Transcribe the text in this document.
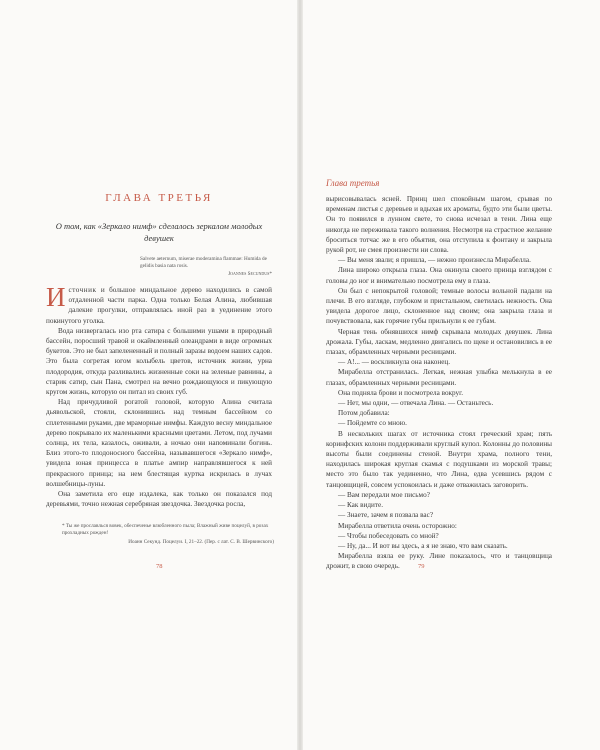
ГЛАВА ТРЕТЬЯ
О том, как «Зеркало нимф» сделалось зеркалом молодых девушек
Salvete aeternum, miserae moderamina flammae: Humida de gelidis basia nata rosis.
Joannes Secundus*

Источник и большое миндальное дерево находились в самой отдаленной части парка. Одна только Белая Алина, любившая далекие прогулки, отправлялась иной раз в уединение этого покинутого уголка.

Вода низвергалась изо рта сатира с большими ушами в природный бассейн, поросший травой и окаймленный олеандрами в виде огромных букетов. Это не был запелененный и полный заразы водоем наших садов. Это была согретая югом колыбель цветов, источник жизни, урна плодородия, откуда разливались жизненные соки на зеленые равнины, а старик сатир, сын Пана, смотрел на вечно рождающуюся и пикующую кругом жизнь, которую он питал из своих губ.

Над причудливой рогатой головой, которую Алина считала дьявольской, стояли, склонившись над темным бассейном со сплетенными руками, две мраморные нимфы. Каждую весну миндальное дерево покрывало их маленькими красными цветами. Летом, под лучами солнца, их тела, казалось, оживали, а ночью они напоминали богинь. Близ этого-то плодоносного бассейна, называвшегося «Зеркало нимф», увидела юная принцесса в платье ампир направлявшегося к ней прекрасного принца; на нем блестящая куртка искрилась в лучах волшебницы-луны.

Она заметила его еще издалека, как только он показался под деревьями, точно нежная серебряная звездочка. Звездочка росла,

* Ты же прославлься вовек, обеспеченье влюбленного пыла; Влажный живе поцелуй, в розах прохладных рожден!
Иоанн Секунд. Поцелуи. I, 21–22. (Пер. с лат. С. В. Шервинского)
78
Глава третья

вырисовывалась ясней. Принц шел спокойным шагом, срывая по временам листья с деревьев и вдыхая их ароматы, будто эти были цветы. Он то появился в лунном свете, то снова исчезал в тени. Лина еще никогда не переживала такого волнения. Несмотря на страстное желание броситься тотчас же в его объятия, она отступила к фонтану и закрыла рукой рот, не смея произнести ни слова.

— Вы меня звали; я пришла, — нежно произнесла Мирабелла.

Лина широко открыла глаза. Она окинула своего принца взглядом с головы до ног и внимательно посмотрела ему в глаза.

Он был с непокрытой головой; темные волосы вольной падали на плечи. В его взгляде, глубоком и пристальном, светилась нежность. Она увидела дорогое лицо, склоненное над своим; она закрыла глаза и почувствовала, как горячие губы прильнули к ее губам.

Черная тень обнявшихся нимф скрывала молодых девушек. Лина дрожала. Губы, ласкам, медленно двигались по щеке и остановились в ее глазах, обрамленных черными ресницами.

— А!... — воскликнула она наконец.

Мирабелла отстранилась. Легкая, нежная улыбка мелькнула в ее глазах, обрамленных черными ресницами.

Она подняла брови и посмотрела вокруг.

— Нет, мы одни, — отвечала Лина. — Останьтесь.

Потом добавила:

— Пойдемте со мною.

В нескольких шагах от источника стоял греческий храм; пять коринфских колонн поддерживали круглый купол. Колонны до половины высоты были соединены стеной. Внутри храма, полного тени, находилась широкая круглая скамья с подушками из морской травы; место это было так уединенно, что Лина, едва усевшись рядом с танцовщицей, совсем успокоилась и даже отважилась заговорить.

— Вам передали мое письмо?

— Как видите.

— Знаете, зачем я позвала вас?

Мирабелла ответила очень осторожно:

— Чтобы побеседовать со мной?

— Ну, да... И вот вы здесь, а я не знаю, что вам сказать.

Мирабелла взяла ее руку. Лине показалось, что и танцовщица дрожит, в свою очередь.	79
